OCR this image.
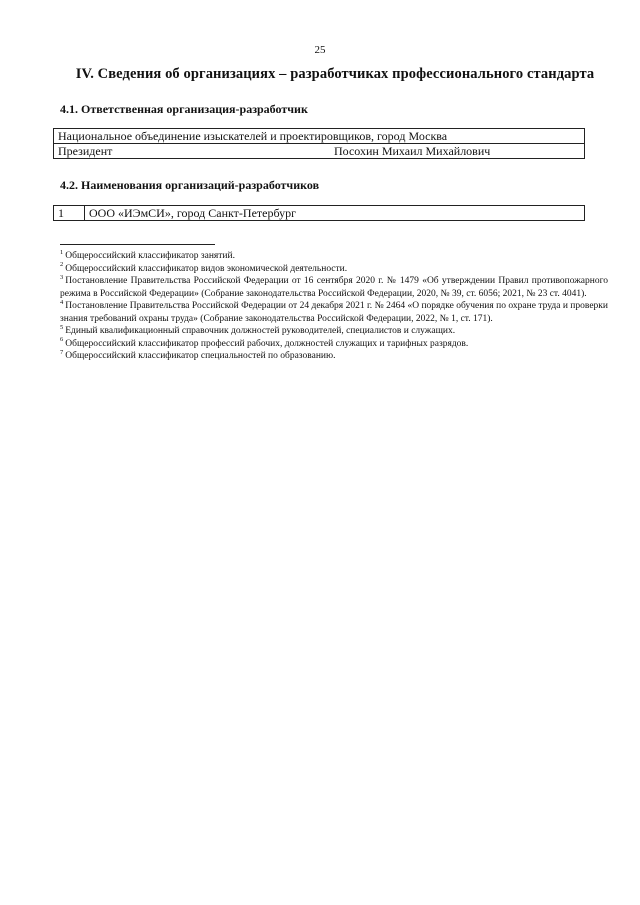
25
IV. Сведения об организациях – разработчиках профессионального стандарта
4.1. Ответственная организация-разработчик
Национальное объединение изыскателей и проектировщиков, город Москва
Президент	Посохин Михаил Михайлович
4.2. Наименования организаций-разработчиков
1	ООО «ИЭмСИ», город Санкт-Петербург

$^1$ Общероссийский классификатор занятий.

$^2$ Общероссийский классификатор видов экономической деятельности.

$^3$ Постановление Правительства Российской Федерации от 16 сентября 2020 г. № 1479 «Об утверждении Правил противопожарного режима в Российской Федерации» (Собрание законодательства Российской Федерации, 2020, № 39, ст. 6056; 2021, № 23 ст. 4041).

$^4$ Постановление Правительства Российской Федерации от 24 декабря 2021 г. № 2464 «О порядке обучения по охране труда и проверки знания требований охраны труда» (Собрание законодательства Российской Федерации, 2022, № 1, ст. 171).

$^5$ Единый квалификационный справочник должностей руководителей, специалистов и служащих.

$^6$ Общероссийский классификатор профессий рабочих, должностей служащих и тарифных разрядов.

$^7$ Общероссийский классификатор специальностей по образованию.
